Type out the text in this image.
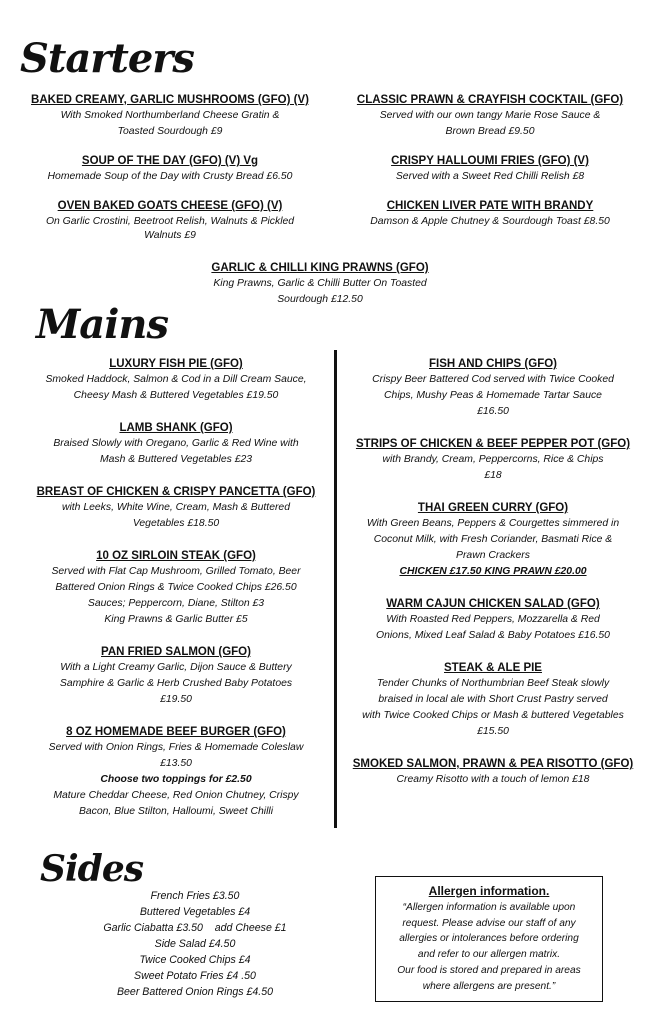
Starters
Mains
Sides

BAKED CREAMY, GARLIC MUSHROOMS (GFO) (V)

With Smoked Northumberland Cheese Gratin &

Toasted Sourdough £9

SOUP OF THE DAY (GFO) (V) Vg

Homemade Soup of the Day with Crusty Bread £6.50

OVEN BAKED GOATS CHEESE (GFO) (V)

On Garlic Crostini, Beetroot Relish, Walnuts & Pickled

Walnuts £9

CLASSIC PRAWN & CRAYFISH COCKTAIL (GFO)

Served with our own tangy Marie Rose Sauce &

Brown Bread £9.50

CRISPY HALLOUMI FRIES (GFO) (V)

Served with a Sweet Red Chilli Relish £8

CHICKEN LIVER PATE WITH BRANDY

Damson & Apple Chutney & Sourdough Toast £8.50

GARLIC & CHILLI KING PRAWNS (GFO)

King Prawns, Garlic & Chilli Butter On Toasted

Sourdough £12.50

LUXURY FISH PIE (GFO)

Smoked Haddock, Salmon & Cod in a Dill Cream Sauce,

Cheesy Mash & Buttered Vegetables £19.50

LAMB SHANK (GFO)

Braised Slowly with Oregano, Garlic & Red Wine with

Mash & Buttered Vegetables £23

BREAST OF CHICKEN & CRISPY PANCETTA (GFO)

with Leeks, White Wine, Cream, Mash & Buttered

Vegetables £18.50

10 OZ SIRLOIN STEAK (GFO)

Served with Flat Cap Mushroom, Grilled Tomato, Beer

Battered Onion Rings & Twice Cooked Chips £26.50

Sauces; Peppercorn, Diane, Stilton £3

King Prawns & Garlic Butter £5

PAN FRIED SALMON (GFO)

With a Light Creamy Garlic, Dijon Sauce & Buttery

Samphire & Garlic & Herb Crushed Baby Potatoes

£19.50

8 OZ HOMEMADE BEEF BURGER (GFO)

Served with Onion Rings, Fries & Homemade Coleslaw

£13.50

Choose two toppings for £2.50

Mature Cheddar Cheese, Red Onion Chutney, Crispy

Bacon, Blue Stilton, Halloumi, Sweet Chilli

FISH AND CHIPS (GFO)

Crispy Beer Battered Cod served with Twice Cooked

Chips, Mushy Peas & Homemade Tartar Sauce

£16.50

STRIPS OF CHICKEN & BEEF PEPPER POT (GFO)

with Brandy, Cream, Peppercorns, Rice & Chips

£18

THAI GREEN CURRY (GFO)

With Green Beans, Peppers & Courgettes simmered in

Coconut Milk, with Fresh Coriander, Basmati Rice &

Prawn Crackers

CHICKEN £17.50 KING PRAWN £20.00

WARM CAJUN CHICKEN SALAD (GFO)

With Roasted Red Peppers, Mozzarella & Red

Onions, Mixed Leaf Salad & Baby Potatoes £16.50

STEAK & ALE PIE

Tender Chunks of Northumbrian Beef Steak slowly

braised in local ale with Short Crust Pastry served

with Twice Cooked Chips or Mash & buttered Vegetables

£15.50

SMOKED SALMON, PRAWN & PEA RISOTTO (GFO)

Creamy Risotto with a touch of lemon £18

French Fries £3.50
Buttered Vegetables £4
Garlic Ciabatta £3.50    add Cheese £1
Side Salad £4.50
Twice Cooked Chips £4
Sweet Potato Fries £4 .50
Beer Battered Onion Rings £4.50
Allergen information.
“Allergen information is available upon
request. Please advise our staff of any
allergies or intolerances before ordering
and refer to our allergen matrix.
Our food is stored and prepared in areas
where allergens are present.”
